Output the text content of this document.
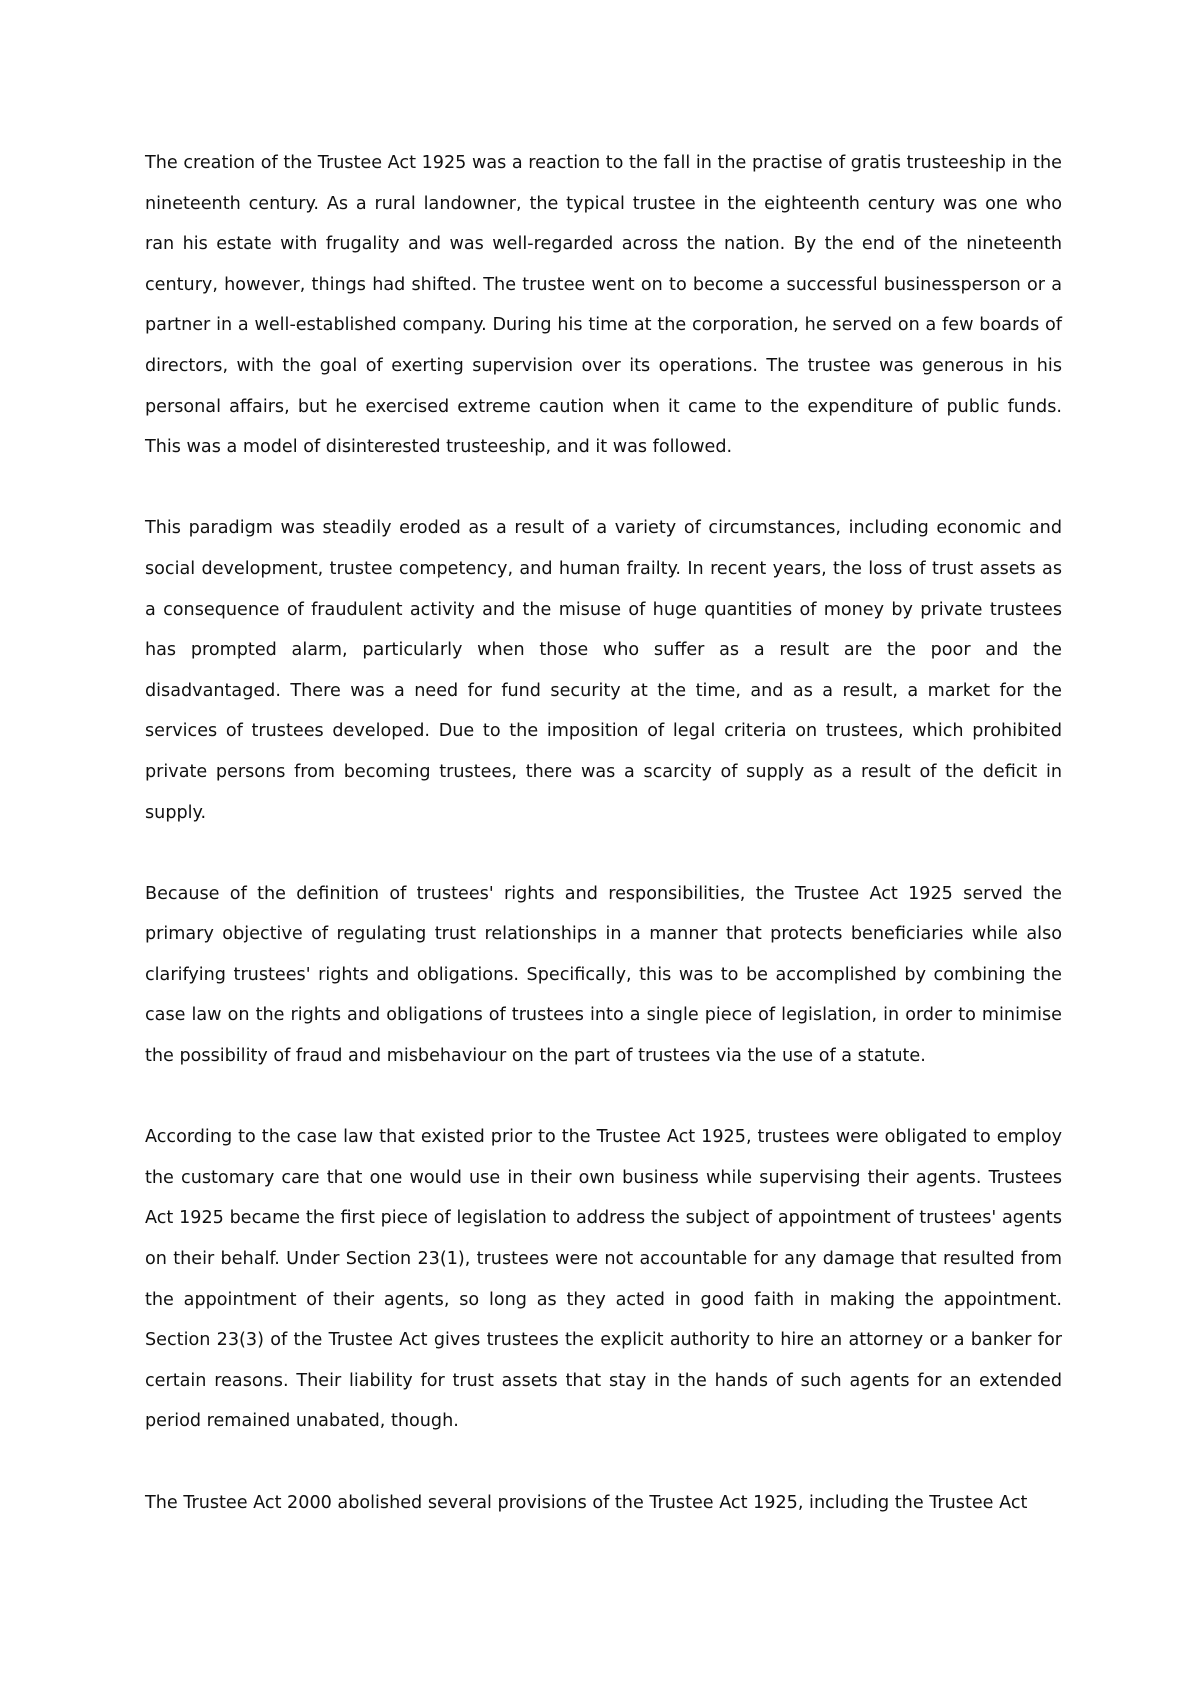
The creation of the Trustee Act 1925 was a reaction to the fall in the practise of gratis trusteeship in the nineteenth century. As a rural landowner, the typical trustee in the eighteenth century was one who ran his estate with frugality and was well-regarded across the nation. By the end of the nineteenth century, however, things had shifted. The trustee went on to become a successful businessperson or a partner in a well-established company. During his time at the corporation, he served on a few boards of directors, with the goal of exerting supervision over its operations. The trustee was generous in his personal affairs, but he exercised extreme caution when it came to the expenditure of public funds. This was a model of disinterested trusteeship, and it was followed.

This paradigm was steadily eroded as a result of a variety of circumstances, including economic and social development, trustee competency, and human frailty. In recent years, the loss of trust assets as a consequence of fraudulent activity and the misuse of huge quantities of money by private trustees has prompted alarm, particularly when those who suffer as a result are the poor and the disadvantaged. There was a need for fund security at the time, and as a result, a market for the services of trustees developed. Due to the imposition of legal criteria on trustees, which prohibited private persons from becoming trustees, there was a scarcity of supply as a result of the deficit in supply.

Because of the definition of trustees' rights and responsibilities, the Trustee Act 1925 served the primary objective of regulating trust relationships in a manner that protects beneficiaries while also clarifying trustees' rights and obligations. Specifically, this was to be accomplished by combining the case law on the rights and obligations of trustees into a single piece of legislation, in order to minimise the possibility of fraud and misbehaviour on the part of trustees via the use of a statute.

According to the case law that existed prior to the Trustee Act 1925, trustees were obligated to employ the customary care that one would use in their own business while supervising their agents. Trustees Act 1925 became the first piece of legislation to address the subject of appointment of trustees' agents on their behalf. Under Section 23(1), trustees were not accountable for any damage that resulted from the appointment of their agents, so long as they acted in good faith in making the appointment. Section 23(3) of the Trustee Act gives trustees the explicit authority to hire an attorney or a banker for certain reasons. Their liability for trust assets that stay in the hands of such agents for an extended period remained unabated, though.

The Trustee Act 2000 abolished several provisions of the Trustee Act 1925, including the Trustee Act
